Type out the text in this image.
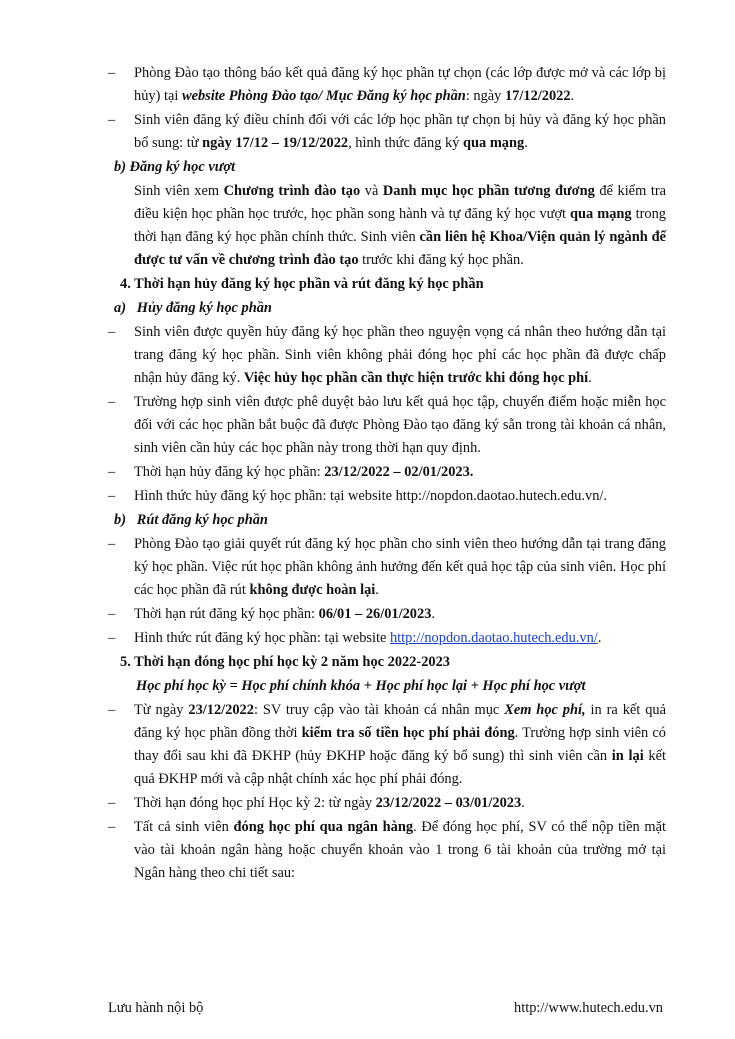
–	Phòng Đào tạo thông báo kết quả đăng ký học phần tự chọn (các lớp được mở và các lớp bị hủy) tại website Phòng Đào tạo/ Mục Đăng ký học phần: ngày 17/12/2022.
–	Sinh viên đăng ký điều chỉnh đối với các lớp học phần tự chọn bị hủy và đăng ký học phần bổ sung: từ ngày 17/12 – 19/12/2022, hình thức đăng ký qua mạng.
b) Đăng ký học vượt
Sinh viên xem Chương trình đào tạo và Danh mục học phần tương đương để kiểm tra điều kiện học phần học trước, học phần song hành và tự đăng ký học vượt qua mạng trong thời hạn đăng ký học phần chính thức. Sinh viên cần liên hệ Khoa/Viện quản lý ngành để được tư vấn về chương trình đào tạo trước khi đăng ký học phần.
4. Thời hạn hủy đăng ký học phần và rút đăng ký học phần
a)   Hủy đăng ký học phần
–	Sinh viên được quyền hủy đăng ký học phần theo nguyện vọng cá nhân theo hướng dẫn tại trang đăng ký học phần. Sinh viên không phải đóng học phí các học phần đã được chấp nhận hủy đăng ký. Việc hủy học phần cần thực hiện trước khi đóng học phí.
–	Trường hợp sinh viên được phê duyệt bảo lưu kết quả học tập, chuyển điểm hoặc miễn học đối với các học phần bắt buộc đã được Phòng Đào tạo đăng ký sẵn trong tài khoản cá nhân, sinh viên cần hủy các học phần này trong thời hạn quy định.
–	Thời hạn hủy đăng ký học phần: 23/12/2022 – 02/01/2023.
–	Hình thức hủy đăng ký học phần: tại website http://nopdon.daotao.hutech.edu.vn/.
b)   Rút đăng ký học phần
–	Phòng Đào tạo giải quyết rút đăng ký học phần cho sinh viên theo hướng dẫn tại trang đăng ký học phần. Việc rút học phần không ảnh hưởng đến kết quả học tập của sinh viên. Học phí các học phần đã rút không được hoàn lại.
–	Thời hạn rút đăng ký học phần: 06/01 – 26/01/2023.
–	Hình thức rút đăng ký học phần: tại website http://nopdon.daotao.hutech.edu.vn/.
5. Thời hạn đóng học phí học kỳ 2 năm học 2022-2023
Học phí học kỳ = Học phí chính khóa + Học phí học lại + Học phí học vượt
–	Từ ngày 23/12/2022: SV truy cập vào tài khoản cá nhân mục Xem học phí, in ra kết quả đăng ký học phần đồng thời kiểm tra số tiền học phí phải đóng. Trường hợp sinh viên có thay đổi sau khi đã ĐKHP (hủy ĐKHP hoặc đăng ký bổ sung) thì sinh viên cần in lại kết quả ĐKHP mới và cập nhật chính xác học phí phải đóng.
–	Thời hạn đóng học phí Học kỳ 2: từ ngày 23/12/2022 – 03/01/2023.
–	Tất cả sinh viên đóng học phí qua ngân hàng. Để đóng học phí, SV có thể nộp tiền mặt vào tài khoản ngân hàng hoặc chuyển khoản vào 1 trong 6 tài khoản của trường mở tại Ngân hàng theo chi tiết sau:
Lưu hành nội bộ	http://www.hutech.edu.vn
